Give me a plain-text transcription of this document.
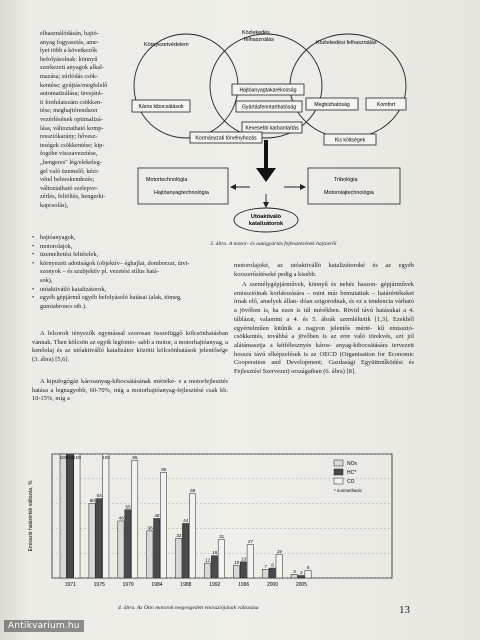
elhasználódásán, hajtó-
anyag fogyasztás, ame-
lyet több a következők
befolyásolnak: könnyű
szerkezeti anyagok alkal-
mazása; súrlódás csök-
kentése; gyújtás/megfelelő
automatizálása; üresjárá-
ti fordulatszám csökken-
tése; meghajtórendszer
vezérlésének optimalizá-
lása, változtatható komp-
ressziókarány; hővesz-
teségek csökkentése; kip-
fogóbe visszavezetése,
„hengeres" lég/elekeleg-
gel való üzemelő; kézi-
vétel beleeskendezés;
változtatható szelepve-
zérlés, feltöltés, hengerki-
kapcsolás),
Környezetvédelem
Közlekedés
felhasználás	Közlekedési felhasználás
Káros kibocsátások
Hajtóanyagtakarékosság
Gyártásfenntarthatóság	Megbízhatóság	Komfort
Kevesebb karbantartás
Kormányzati törvényhozás	Kis költségek
Motortechnológia
Hajtóanyagtechnológia
Tribológia
Motorolajtechnológia
Utóaktiváló
katalizátorok
3. ábra. A motor- és autógyártás fejlesztésének hajtóerői
• hajtóanyagok,
• motorolajok,
• üzemeltetési feltételek,
• környezeti adottságok (objektív– éghajlat, domborzat, útvi-
szonyok – és szubjektív pl. vezetési stílus hatá-
sok),
• utóaktivátló katalizátorok,
• egyéb gépjármű egyéb befolyásoló hatásai (alak, tömeg,
gumiabroncs stb.).
A felsorolt tényezők egymással szorosan összefüggő kölcsönhatásban vannak. Then kölcsön az egyik legfonto- sabb a motor, a motorhajtóanyag, a kenőolaj és az utóaktiválló katalizátor közötti kölcsönhatások jelentősége (3. ábra) [5,6].
A kipufogógáz károsanyag-kibocsátásának mértéké- e a motorfejlesztés hatása a legnagyobb, 60-70%, míg a motorhajtóanyag-fejlesztésé csak kb. 10-15%, míg a
motorolajoké, az utóaktiválló katalizátoroké és az egyéb korszerűsítéseké pedig a kisebb.
A személygépjárművek, könnyű és nehéz haszon- gépjárművek emisszióinak korlátozására – mint már bemutattuk – határértékeket írnak elő, amelyek állan- dóan szigorodnak, és ez a tendencia várható a jövőben is, ha ezen is túl mérékben. Rövid távú hatásukat a 4. táblázat, valamint a 4. és 5. ábrák szemléltetik [1,3]. Ezekből egyértelműen kitűnik a nagyon jelentős mérté- kű emisszió-csökkentés, továbbá a jövőben is az erre való törekvés, ezt jól alátámasztja a kétfélesznyés káros- anyag-kibocsátására tervezett hosszú távú elképzelések is az OECD (Organisation for Economic Cooperation and Development; Gazdasági Együttműködési és Fejlesztési Szervezet) országaiban (6. ábra) [8].
Emisszió határérték változás, %
100 100 100
1971
60
64
100
1975
46
55
95
1979
38
48
85
1984
32
44
68
1988
12
18
31
1992
10
13
27
1996
7 8
19
2000
3 2
6
2005
NOx
HC*
CO
* nonmethanic
4. ábra. Az Otto motorok megengedett emissziójának változása	13
Antikvarium.hu
